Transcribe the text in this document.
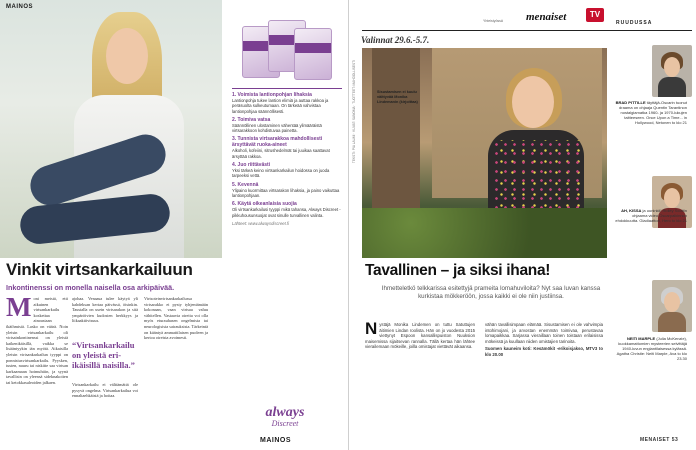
MAINOS
1. Voimista lantionpohjan lihaksia
Lantionpohja tukee lantion elimiä ja auttaa rakkoa ja peräsuolta sulkeutumaan. On tärkeää vahvistaa lantionpohjaa säännöllisesti.
2. Toimiva vatsa
Säännöllinen ulostaminen vähentää ylimääräistä virtsarakkoon kohdistuvaa painetta.
3. Tunnista virtsarakkoa mahdollisesti ärsyttävät ruoka-aineet
Alkoholi, kofeiini, sitrushedelmät tai juuikaa saattavat ärsyttää rakkoa.
4. Juo riittävästi
Yksi tärkeä keino virtsankarkailun hoidossa on juoda tarpeeksi vettä.
5. Kevennä
Ylipaino kuormittaa virtsarakon lihaksia, ja paino vaikuttaa lantionpohjaan.
6. Käytä oikeanlaisia suojia
Oli virtsankarkailusi tyyppi mikä tahansa, Always Discreet -pikkuhousunsuojat ovat sinulle turvallinen valinta.
Lähteet: www.alwaysdiscreet.fi
always
Discreet
Vinkit virtsankarkailuun
Inkontinenssi on monella naisella osa arkipäivää.
Moni meistä, etti aikuinen virtsankarkailu koskettaa ainoastaan ikäihmisiä. Lasko on väärä. Noin yleisin virtsankarkailu oli virtsainkontinenssi on yleistä kaikenikäisillä, vaikka se lisääntyykin iän myötä. Aikaisilla yleisin virtsankarkailun tyyppi on ponnistusvirtsankarkailu. Pyysken, tusten, nauru tai niskitte saa virtsan karkaamaan hoimuhtiin, ja syynä tavallisin on yleensä sideknakoiten tai ketokkasuleoiden jalkaen.
ajohaa. Venaasa tulee käytyä yli kahdeksan kertaa päivässä, öisinkin. Taustalla on usein virtsarakon ja sitä ympäröivien kudosten herkkyys ja liikaaktiivisuus.
“Virtsankarkailu on yleistä eri-ikäisillä naisilla.”
Virtsankarkailu ei välttämättä ole pysyvä ongelma. Virtsankarkailua voi ennaltaehkäistä ja hoitaa.
Virtsoteinvirtsankarkailussa virtsarakko ei pysty tyhjentämään kokonaan, vaan virtsaa valuu vähitellen. Vastaavia oireita voi olla myös eturauhasen ongelmista tai neurologisista sairauksista. Tärkeintä on kääntyä ammattilaisen puoleen ja kertoa oireista avoimesti.
MAINOS
Yhteistyössä menaiset	TV
RUUDUSSA
TEKSTI: PIA LAUMI · KUVAT: SANOMA · TUOTTEET: MAHDOLLISESTI
Valinnat 29.6.-5.7.
Sisustamisen ei kuulu väittyvää Monika Lindemanin (kirjoittaa)
Tavallinen – ja siksi ihana!
Ihmetteletkö telkkarissa esitettyjä prameita lomahuviloita? Nyt saa luvan kanssa kurkistaa mökkeröön, jossa kaikki ei ole niin justiinsa.
Nystäjä Monika Lindemen on tuttu Satuttujen äitimien Lindan roolista. Hän on jo vuodesta 2015 viettynyt Espoon kansallispuiston Nuuksion maisemissa sijaitsevan rannalla. Tällä kertaa hän lähtee vierailemaan mökeille, joilla omistajat viettävät aikaansa.
vähän tavallisimpaan elämää. Sisustamisen ei ole vahvimpia intohimojani, ja arvostan enemmän toimivaa, perustavaa lomapaikkaa. Sarjassa vieraillaan toinen toistaan erilaisissa mökeissä ja kuullaan niiden omistajien tarinoita.
Suomen kauneim koti: Kesämökit -erikoisjakso, MTV3 to klo 20.00
BRAD PITTILLE täyttäjä-Oscarin tuonut draama on ohjaaja Quentin Tarantinon nostalgiamatka 1960- ja 1970-lukujen taitteeseen. Once Upon a Time... in Hollywood, Netonen to klo 21
AH, KISSA ja uuninkii! Ridley Scottin ohjaama video Oscarpalkinnon ehdokkuutta. Gladiaattori, Hero to klo 21
NEITI MARPLE (Julia McKenzie), kuokkamattomien mysteerien selvittäjä 1940-luvun englantilaisessa kylässä. Agatha Christie: Neiti Marple, Ava to klo 23.30
MENAISET 53
